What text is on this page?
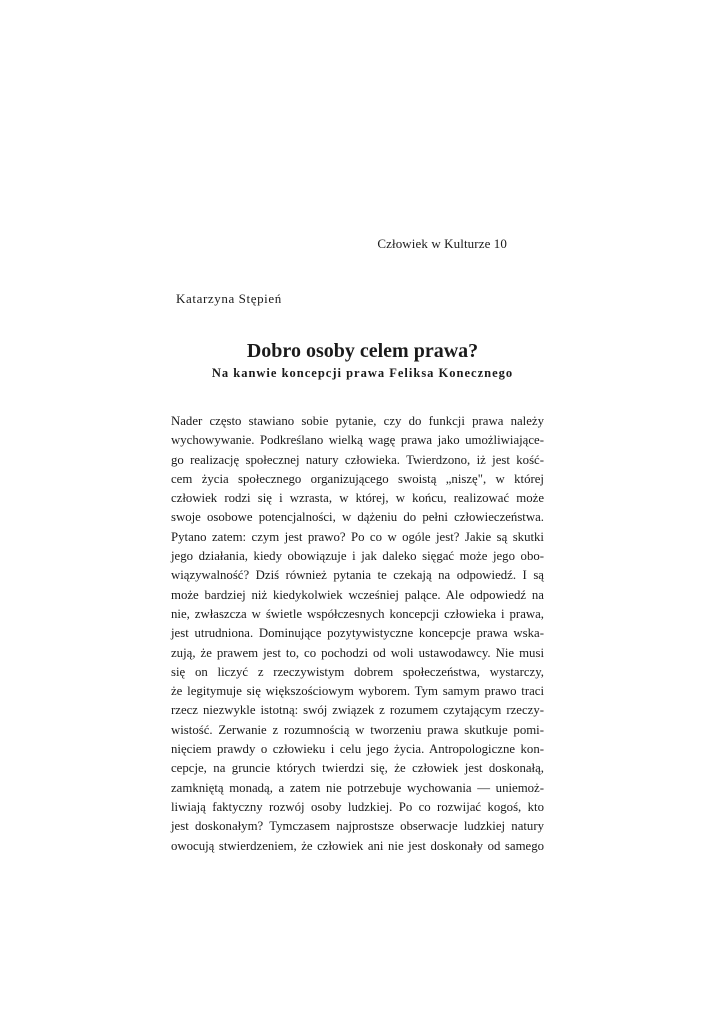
Człowiek w Kulturze 10
Katarzyna Stępień
Dobro osoby celem prawa?
Na kanwie koncepcji prawa Feliksa Konecznego
Nader często stawiano sobie pytanie, czy do funkcji prawa należy
wychowywanie. Podkreślano wielką wagę prawa jako umożliwiające-
go realizację społecznej natury człowieka. Twierdzono, iż jest kość-
cem życia społecznego organizującego swoistą „niszę", w której
człowiek rodzi się i wzrasta, w której, w końcu, realizować może
swoje osobowe potencjalności, w dążeniu do pełni człowieczeństwa.
Pytano zatem: czym jest prawo? Po co w ogóle jest? Jakie są skutki
jego działania, kiedy obowiązuje i jak daleko sięgać może jego obo-
wiązywalność? Dziś również pytania te czekają na odpowiedź. I są
może bardziej niż kiedykolwiek wcześniej palące. Ale odpowiedź na
nie, zwłaszcza w świetle współczesnych koncepcji człowieka i prawa,
jest utrudniona. Dominujące pozytywistyczne koncepcje prawa wska-
zują, że prawem jest to, co pochodzi od woli ustawodawcy. Nie musi
się on liczyć z rzeczywistym dobrem społeczeństwa, wystarczy,
że legitymuje się większościowym wyborem. Tym samym prawo traci
rzecz niezwykle istotną: swój związek z rozumem czytającym rzeczy-
wistość. Zerwanie z rozumnością w tworzeniu prawa skutkuje pomi-
nięciem prawdy o człowieku i celu jego życia. Antropologiczne kon-
cepcje, na gruncie których twierdzi się, że człowiek jest doskonałą,
zamkniętą monadą, a zatem nie potrzebuje wychowania — uniemoż-
liwiają faktyczny rozwój osoby ludzkiej. Po co rozwijać kogoś, kto
jest doskonałym? Tymczasem najprostsze obserwacje ludzkiej natury
owocują stwierdzeniem, że człowiek ani nie jest doskonały od samego
